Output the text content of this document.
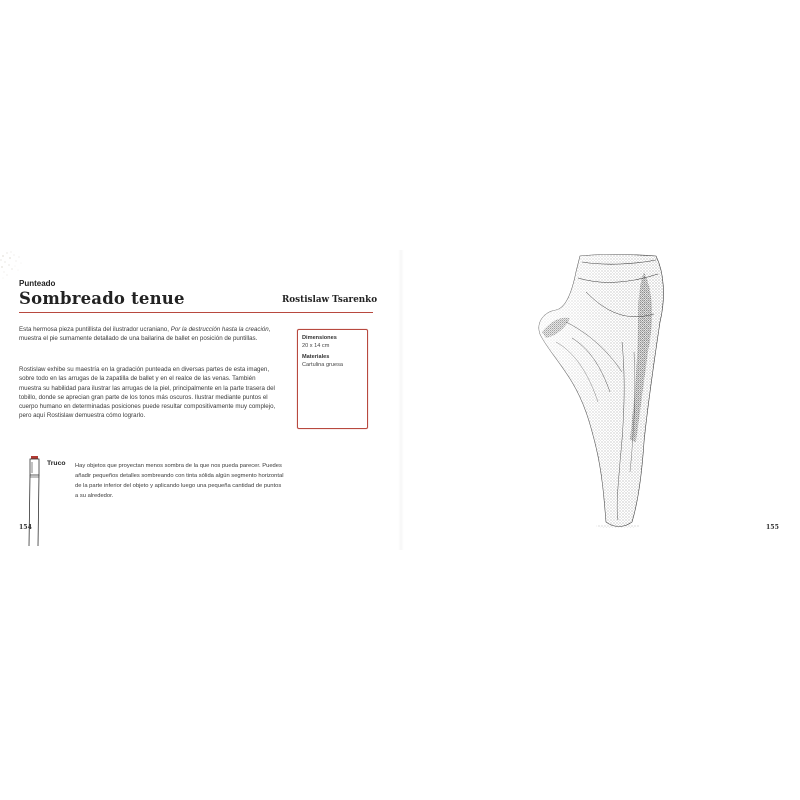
Punteado
Sombreado tenue	Rostislaw Tsarenko

Esta hermosa pieza puntillista del ilustrador ucraniano, Por la destrucción hasta la creación, muestra el pie sumamente detallado de una bailarina de ballet en posición de puntillas.

Rostislaw exhibe su maestría en la gradación punteada en diversas partes de esta imagen, sobre todo en las arrugas de la zapatilla de ballet y en el realce de las venas. También muestra su habilidad para ilustrar las arrugas de la piel, principalmente en la parte trasera del tobillo, donde se aprecian gran parte de los tonos más oscuros. Ilustrar mediante puntos el cuerpo humano en determinadas posiciones puede resultar compositivamente muy complejo, pero aquí Rostislaw demuestra cómo lograrlo.

Dimensiones
20 x 14 cm
Materiales
Cartulina gruesa
Truco Hay objetos que proyectan menos sombra de la que nos pueda parecer. Puedes añadir pequeños detalles sombreando con tinta sólida algún segmento horizontal de la parte inferior del objeto y aplicando luego una pequeña cantidad de puntos a su alrededor.

154	155
